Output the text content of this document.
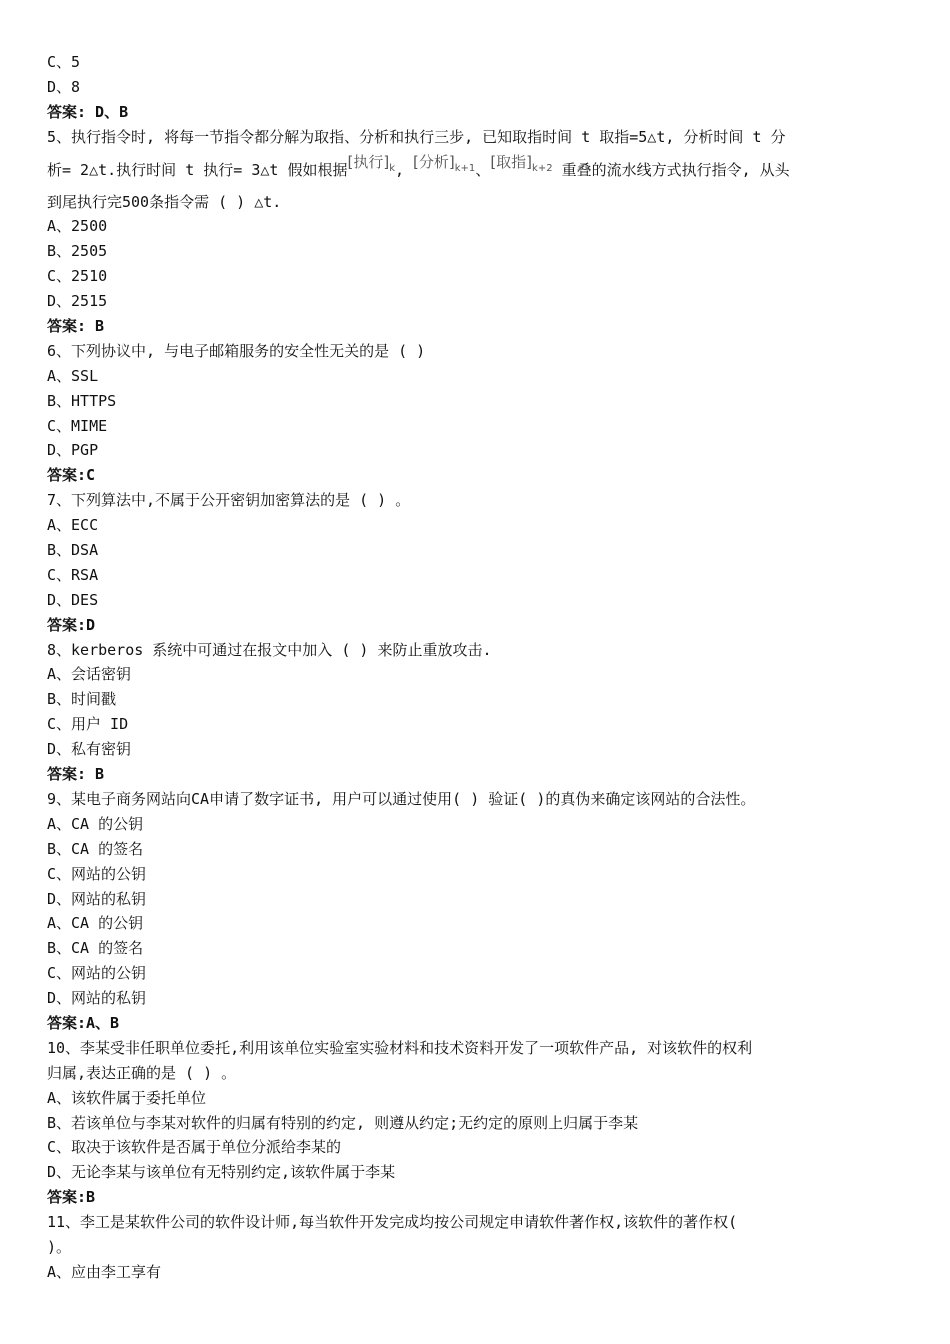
C、5
D、8
答案: D、B
5、执行指令时, 将每一节指令都分解为取指、分析和执行三步, 已知取指时间 t 取指=5△t, 分析时间 t 分
析= 2△t.执行时间 t 执行= 3△t 假如根据[执行]$_k$, [分析]$_{k+1}$、[取指]$_{k+2}$ 重叠的流水线方式执行指令, 从头
到尾执行完500条指令需 ( ) △t.
A、2500
B、2505
C、2510
D、2515
答案: B
6、下列协议中, 与电子邮箱服务的安全性无关的是 ( )
A、SSL
B、HTTPS
C、MIME
D、PGP
答案:C
7、下列算法中,不属于公开密钥加密算法的是 ( ) 。
A、ECC
B、DSA
C、RSA
D、DES
答案:D
8、kerberos 系统中可通过在报文中加入 ( ) 来防止重放攻击.
A、会话密钥
B、时间戳
C、用户 ID
D、私有密钥
答案: B
9、某电子商务网站向CA申请了数字证书, 用户可以通过使用( ) 验证( )的真伪来确定该网站的合法性。
A、CA 的公钥
B、CA 的签名
C、网站的公钥
D、网站的私钥
A、CA 的公钥
B、CA 的签名
C、网站的公钥
D、网站的私钥
答案:A、B
10、李某受非任职单位委托,利用该单位实验室实验材料和技术资料开发了一项软件产品, 对该软件的权利
归属,表达正确的是 ( ) 。
A、该软件属于委托单位
B、若该单位与李某对软件的归属有特别的约定, 则遵从约定;无约定的原则上归属于李某
C、取决于该软件是否属于单位分派给李某的
D、无论李某与该单位有无特别约定,该软件属于李某
答案:B
11、李工是某软件公司的软件设计师,每当软件开发完成均按公司规定申请软件著作权,该软件的著作权(
)。
A、应由李工享有
